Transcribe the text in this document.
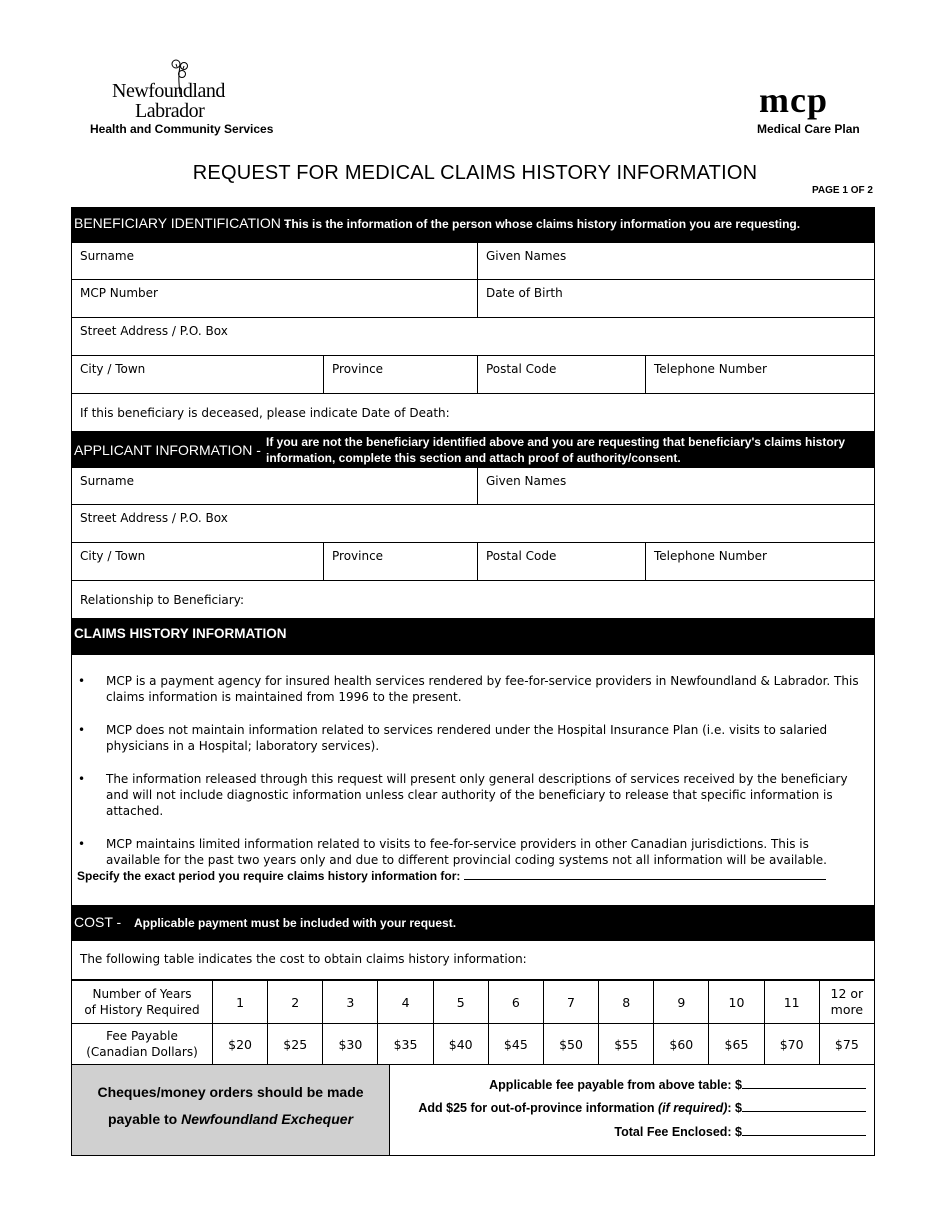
Newfoundland
Labrador
Health and Community Services
mcp
Medical Care Plan
REQUEST FOR MEDICAL CLAIMS HISTORY INFORMATION
PAGE 1 OF 2
BENEFICIARY IDENTIFICATION -
This is the information of the person whose claims history information you are requesting.
Surname	Given Names
MCP Number	Date of Birth
Street Address / P.O. Box
City / Town	Province	Postal Code	Telephone Number
If this beneficiary is deceased, please indicate Date of Death:
APPLICANT INFORMATION - If you are not the beneficiary identified above and you are requesting that beneficiary's claims history
information, complete this section and attach proof of authority/consent.
Surname	Given Names
Street Address / P.O. Box
City / Town	Province	Postal Code	Telephone Number
Relationship to Beneficiary:
CLAIMS HISTORY INFORMATION
• MCP is a payment agency for insured health services rendered by fee-for-service providers in Newfoundland & Labrador. This claims information is maintained from 1996 to the present.
• MCP does not maintain information related to services rendered under the Hospital Insurance Plan (i.e. visits to salaried physicians in a Hospital; laboratory services).
• The information released through this request will present only general descriptions of services received by the beneficiary and will not include diagnostic information unless clear authority of the beneficiary to release that specific information is attached.
• MCP maintains limited information related to visits to fee-for-service providers in other Canadian jurisdictions. This is available for the past two years only and due to different provincial coding systems not all information will be available.
Specify the exact period you require claims history information for:
COST - Applicable payment must be included with your request.
The following table indicates the cost to obtain claims history information:
Number of Years
of History Required	1	2	3	4	5	6	7	8	9	10	11	12 or more
Fee Payable
(Canadian Dollars)	$20	$25	$30	$35	$40	$45	$50	$55	$60	$65	$70	$75
Cheques/money orders should be made
payable to Newfoundland Exchequer
Applicable fee payable from above table: $
Add $25 for out-of-province information (if required): $
Total Fee Enclosed: $
